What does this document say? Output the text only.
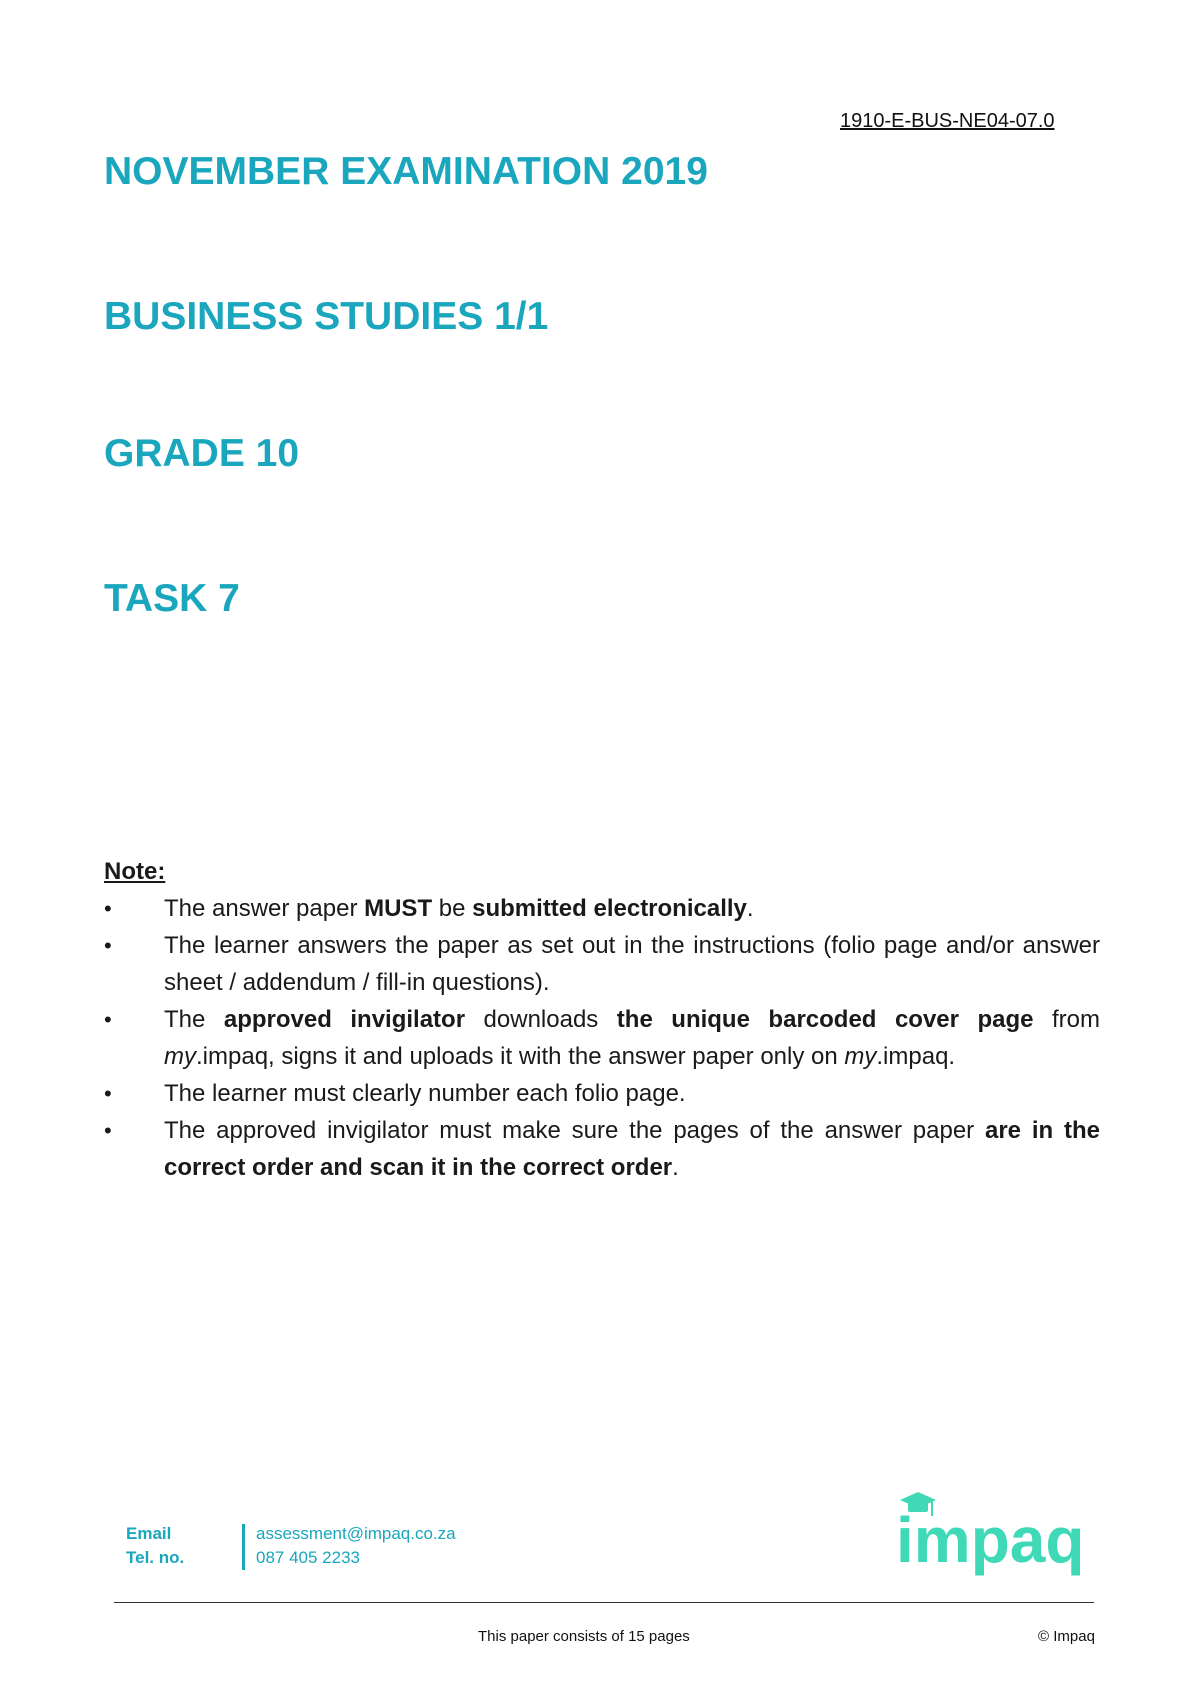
1910-E-BUS-NE04-07.0
NOVEMBER EXAMINATION 2019
BUSINESS STUDIES 1/1
GRADE 10
TASK 7
Note:
• The answer paper MUST be submitted electronically.
• The learner answers the paper as set out in the instructions (folio page and/or answer sheet / addendum / fill-in questions).
• The approved invigilator downloads the unique barcoded cover page from my.impaq, signs it and uploads it with the answer paper only on my.impaq.
• The learner must clearly number each folio page.
• The approved invigilator must make sure the pages of the answer paper are in the correct order and scan it in the correct order.
Email
Tel. no.
assessment@impaq.co.za
087 405 2233	impaq
This paper consists of 15 pages	© Impaq
